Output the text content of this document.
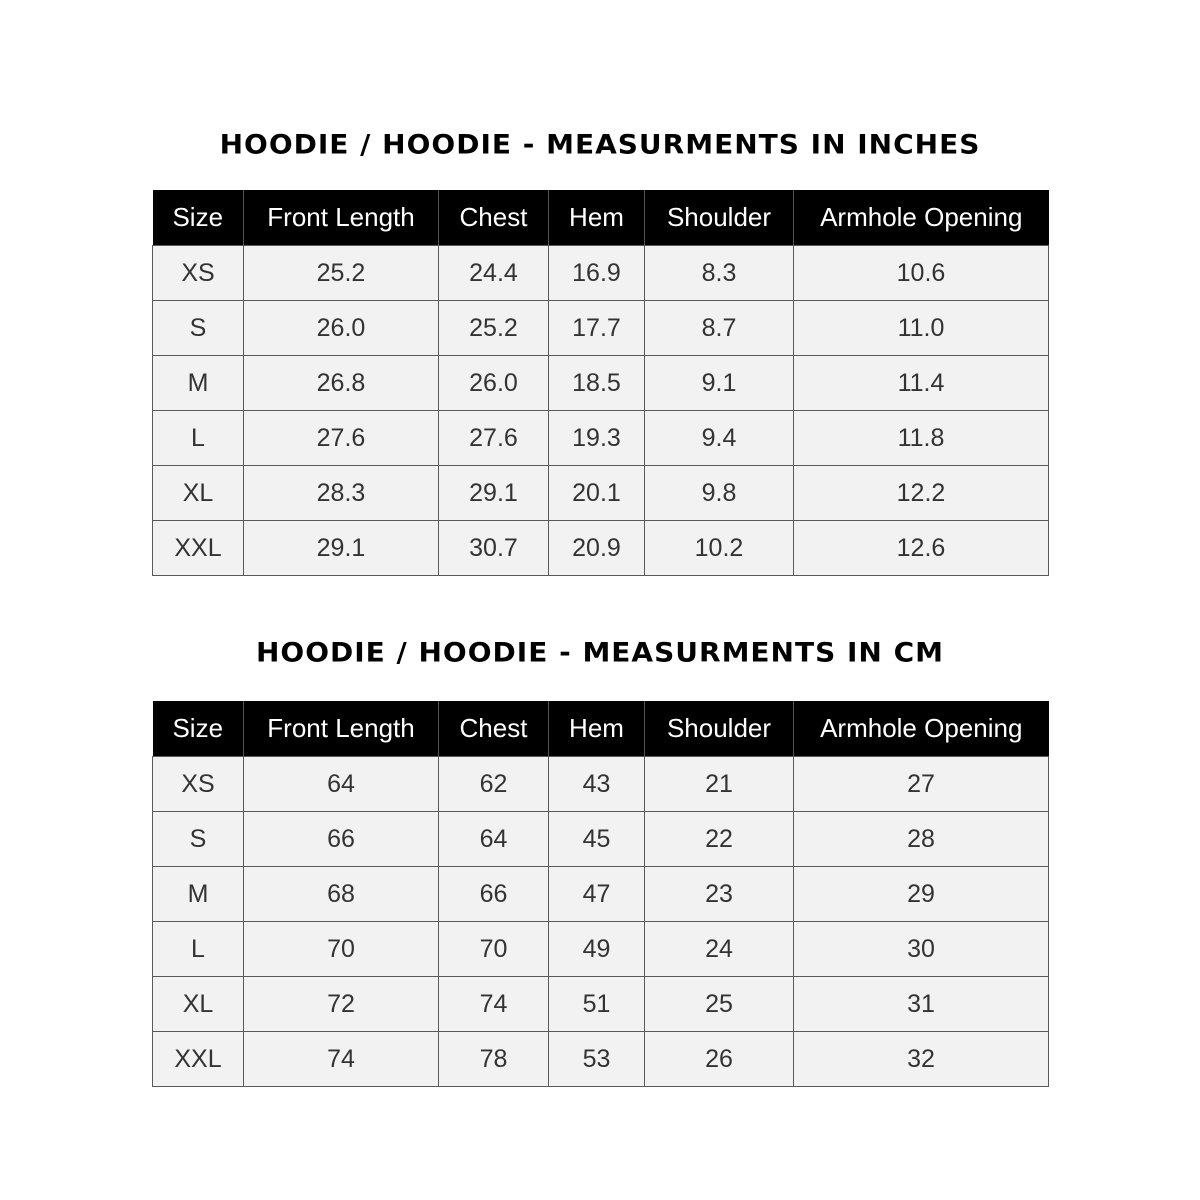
HOODIE / HOODIE - MEASURMENTS IN INCHES
Size	Front Length	Chest	Hem	Shoulder	Armhole Opening
XS	25.2	24.4	16.9	8.3	10.6
S	26.0	25.2	17.7	8.7	11.0
M	26.8	26.0	18.5	9.1	11.4
L	27.6	27.6	19.3	9.4	11.8
XL	28.3	29.1	20.1	9.8	12.2
XXL	29.1	30.7	20.9	10.2	12.6
HOODIE / HOODIE - MEASURMENTS IN CM
Size	Front Length	Chest	Hem	Shoulder	Armhole Opening
XS	64	62	43	21	27
S	66	64	45	22	28
M	68	66	47	23	29
L	70	70	49	24	30
XL	72	74	51	25	31
XXL	74	78	53	26	32
